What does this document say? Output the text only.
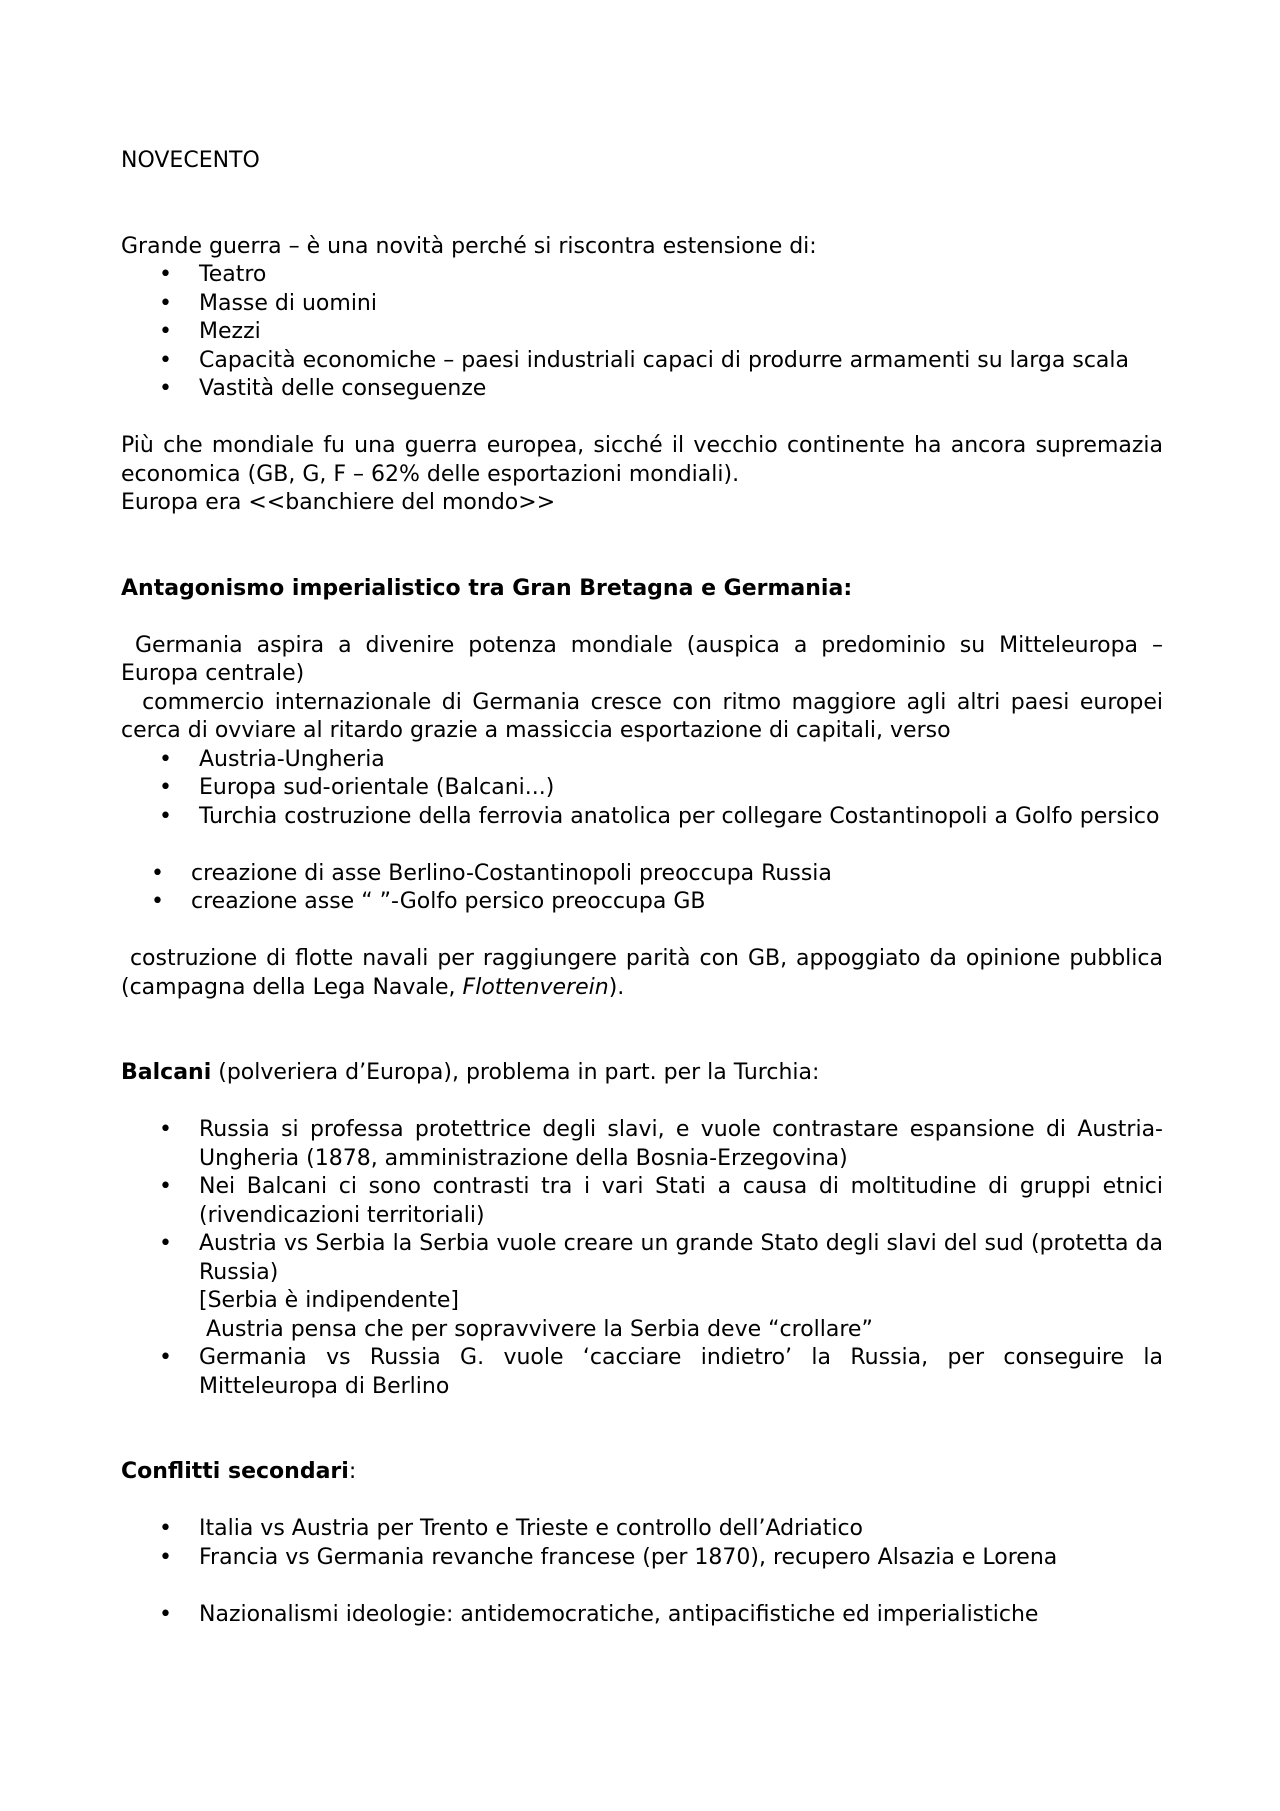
NOVECENTO

Grande guerra – è una novità perché si riscontra estensione di:

• Teatro
• Masse di uomini
• Mezzi
• Capacità economiche – paesi industriali capaci di produrre armamenti su larga scala
• Vastità delle conseguenze

Più che mondiale fu una guerra europea, sicché il vecchio continente ha ancora supremazia economica (GB, G, F – 62% delle esportazioni mondiali).

Europa era <<banchiere del mondo>>

Antagonismo imperialistico tra Gran Bretagna e Germania:

Germania aspira a divenire potenza mondiale (auspica a predominio su Mitteleuropa – Europa centrale)

commercio internazionale di Germania cresce con ritmo maggiore agli altri paesi europei  cerca di ovviare al ritardo grazie a massiccia esportazione di capitali, verso

• Austria-Ungheria
• Europa sud-orientale (Balcani...)
• Turchia costruzione della ferrovia anatolica per collegare Costantinopoli a Golfo persico
• creazione di asse Berlino-Costantinopoli preoccupa Russia
• creazione asse “ ”-Golfo persico preoccupa GB

costruzione di flotte navali per raggiungere parità con GB, appoggiato da opinione pubblica (campagna della Lega Navale, Flottenverein).

Balcani (polveriera d’Europa), problema in part. per la Turchia:

• Russia si professa protettrice degli slavi, e vuole contrastare espansione di Austria-Ungheria (1878, amministrazione della Bosnia-Erzegovina)
• Nei Balcani ci sono contrasti tra i vari Stati a causa di moltitudine di gruppi etnici (rivendicazioni territoriali)
• Austria vs Serbia la Serbia vuole creare un grande Stato degli slavi del sud (protetta da Russia)
[Serbia è indipendente]
Austria pensa che per sopravvivere la Serbia deve “crollare”
• Germania vs Russia G. vuole ‘cacciare indietro’ la Russia, per conseguire la Mitteleuropa di Berlino

Conflitti secondari:

• Italia vs Austria per Trento e Trieste e controllo dell’Adriatico
• Francia vs Germania revanche francese (per 1870), recupero Alsazia e Lorena
• Nazionalismi ideologie: antidemocratiche, antipacifistiche ed imperialistiche
